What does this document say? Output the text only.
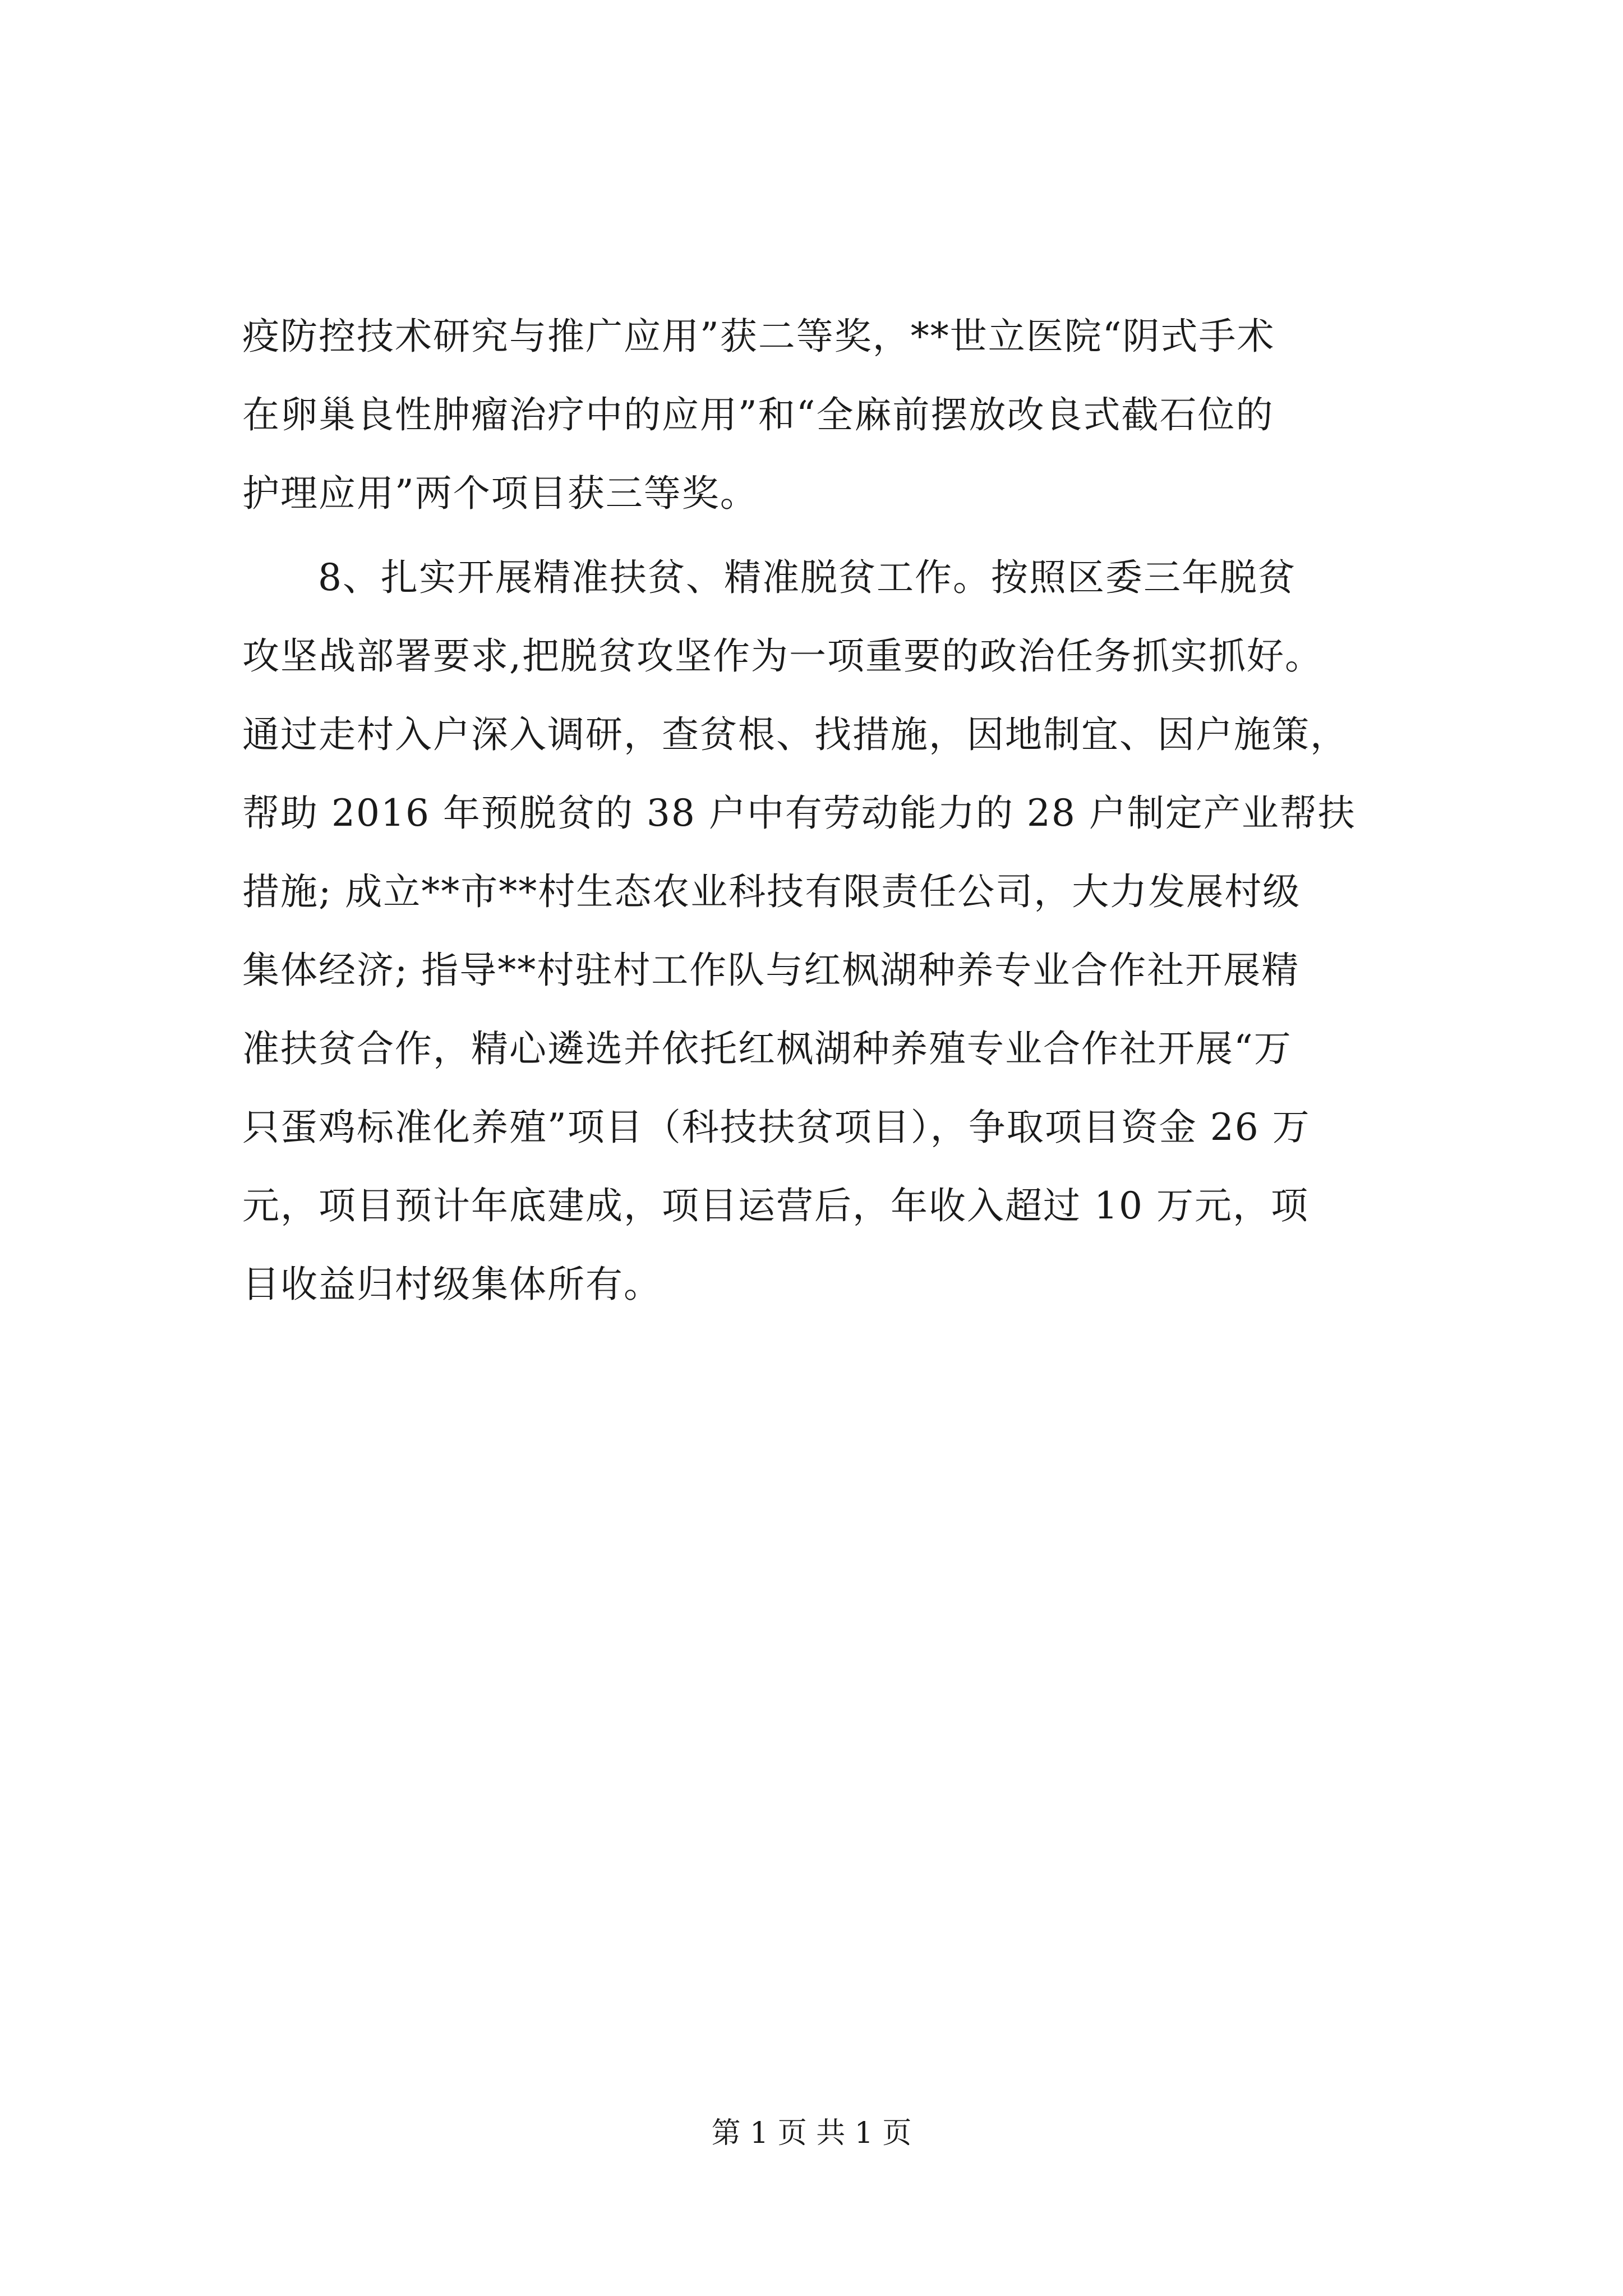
疫防控技术研究与推广应用”获二等奖，**世立医院“阴式手术
在卵巢良性肿瘤治疗中的应用”和“全麻前摆放改良式截石位的
护理应用”两个项目获三等奖。
8、扎实开展精准扶贫、精准脱贫工作。按照区委三年脱贫
攻坚战部署要求,把脱贫攻坚作为一项重要的政治任务抓实抓好。
通过走村入户深入调研，查贫根、找措施，因地制宜、因户施策，
帮助 2016 年预脱贫的 38 户中有劳动能力的 28 户制定产业帮扶
措施; 成立**市**村生态农业科技有限责任公司，大力发展村级
集体经济; 指导**村驻村工作队与红枫湖种养专业合作社开展精
准扶贫合作，精心遴选并依托红枫湖种养殖专业合作社开展“万
只蛋鸡标准化养殖”项目（科技扶贫项目），争取项目资金 26 万
元，项目预计年底建成，项目运营后，年收入超过 10 万元，项
目收益归村级集体所有。
第 1 页 共 1 页
